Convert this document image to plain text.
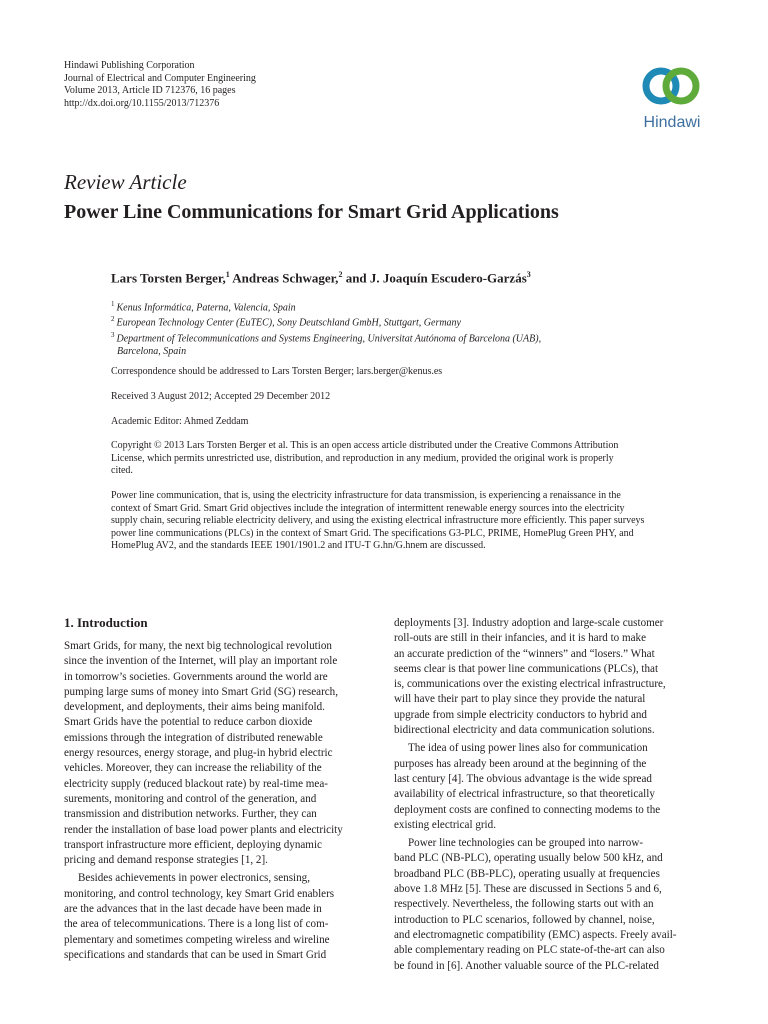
Hindawi Publishing Corporation
Journal of Electrical and Computer Engineering
Volume 2013, Article ID 712376, 16 pages
http://dx.doi.org/10.1155/2013/712376
Hindawi
Review Article
Power Line Communications for Smart Grid Applications
Lars Torsten Berger,$^1$ Andreas Schwager,$^2$ and J. Joaquín Escudero-Garzás$^3$
$^1$ Kenus Informática, Paterna, Valencia, Spain
$^2$ European Technology Center (EuTEC), Sony Deutschland GmbH, Stuttgart, Germany
$^3$ Department of Telecommunications and Systems Engineering, Universitat Autónoma of Barcelona (UAB),
Barcelona, Spain
Correspondence should be addressed to Lars Torsten Berger; lars.berger@kenus.es
Received 3 August 2012; Accepted 29 December 2012
Academic Editor: Ahmed Zeddam
Copyright © 2013 Lars Torsten Berger et al. This is an open access article distributed under the Creative Commons Attribution
License, which permits unrestricted use, distribution, and reproduction in any medium, provided the original work is properly
cited.
Power line communication, that is, using the electricity infrastructure for data transmission, is experiencing a renaissance in the
context of Smart Grid. Smart Grid objectives include the integration of intermittent renewable energy sources into the electricity
supply chain, securing reliable electricity delivery, and using the existing electrical infrastructure more efficiently. This paper surveys
power line communications (PLCs) in the context of Smart Grid. The specifications G3-PLC, PRIME, HomePlug Green PHY, and
HomePlug AV2, and the standards IEEE 1901/1901.2 and ITU-T G.hn/G.hnem are discussed.
1. Introduction
Smart Grids, for many, the next big technological revolution
since the invention of the Internet, will play an important role
in tomorrow’s societies. Governments around the world are
pumping large sums of money into Smart Grid (SG) research,
development, and deployments, their aims being manifold.
Smart Grids have the potential to reduce carbon dioxide
emissions through the integration of distributed renewable
energy resources, energy storage, and plug-in hybrid electric
vehicles. Moreover, they can increase the reliability of the
electricity supply (reduced blackout rate) by real-time mea-
surements, monitoring and control of the generation, and
transmission and distribution networks. Further, they can
render the installation of base load power plants and electricity
transport infrastructure more efficient, deploying dynamic
pricing and demand response strategies [1, 2].
Besides achievements in power electronics, sensing,
monitoring, and control technology, key Smart Grid enablers
are the advances that in the last decade have been made in
the area of telecommunications. There is a long list of com-
plementary and sometimes competing wireless and wireline
specifications and standards that can be used in Smart Grid
deployments [3]. Industry adoption and large-scale customer
roll-outs are still in their infancies, and it is hard to make
an accurate prediction of the “winners” and “losers.” What
seems clear is that power line communications (PLCs), that
is, communications over the existing electrical infrastructure,
will have their part to play since they provide the natural
upgrade from simple electricity conductors to hybrid and
bidirectional electricity and data communication solutions.
The idea of using power lines also for communication
purposes has already been around at the beginning of the
last century [4]. The obvious advantage is the wide spread
availability of electrical infrastructure, so that theoretically
deployment costs are confined to connecting modems to the
existing electrical grid.
Power line technologies can be grouped into narrow-
band PLC (NB-PLC), operating usually below 500 kHz, and
broadband PLC (BB-PLC), operating usually at frequencies
above 1.8 MHz [5]. These are discussed in Sections 5 and 6,
respectively. Nevertheless, the following starts out with an
introduction to PLC scenarios, followed by channel, noise,
and electromagnetic compatibility (EMC) aspects. Freely avail-
able complementary reading on PLC state-of-the-art can also
be found in [6]. Another valuable source of the PLC-related
